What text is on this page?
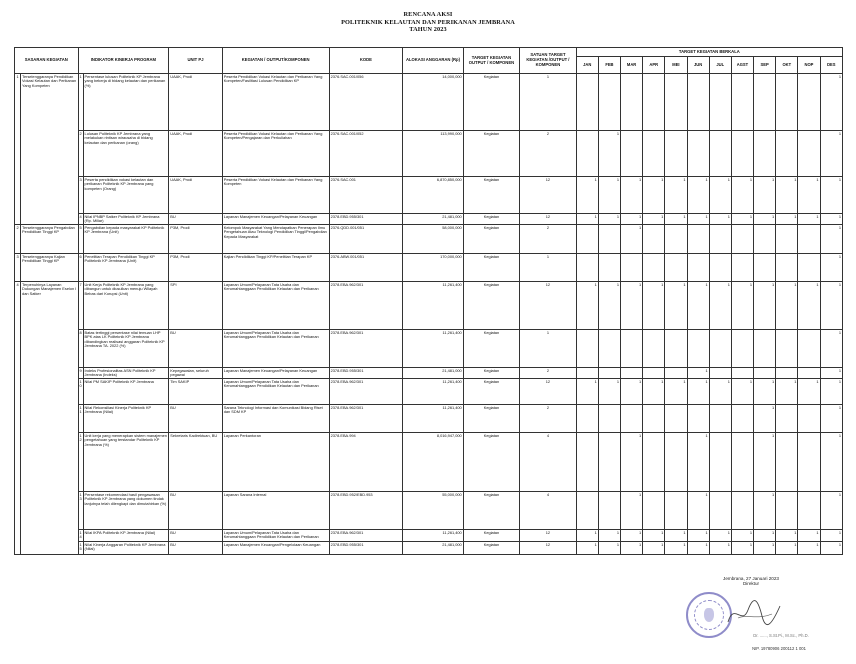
RENCANA AKSI
POLITEKNIK KELAUTAN DAN PERIKANAN JEMBRANA
TAHUN 2023
SASARAN KEGIATAN		INDIKATOR KINERJA PROGRAM		UNIT PJ	KEGIATAN / OUTPUT/KOMPONEN	KODE	ALOKASI ANGGARAN (Rp)	TARGET KEGIATAN OUTPUT / KOMPONEN	SATUAN TARGET KEGIATAN /OUTPUT / KOMPONEN	TARGET KEGIATAN BERKALA											
										JAN	FEB	MAR	APR	MEI	JUN	JUL	AGST	SEP	OKT	NOP	DES
1	Terselenggaranya Pendidikan Vokasi Kelautan dan Perikanan Yang Kompeten	1	Persentase lulusan Politeknik KP Jembrana yang bekerja di bidang kelautan dan perikanan (%)	UAAK, Prodi	Peserta Pendidikan Vokasi Kelautan dan Perikanan Yang Kompeten/Fasilitasi Lulusan Pendidikan KP	2376.SAC.001/056	14,000,000	Kegiatan	1												1
		2	Lulusan Politeknik KP Jembrana yang melakukan rintisan wirausaha di bidang kelautan dan perikanan (orang)	UAAK, Prodi	Peserta Pendidikan Vokasi Kelautan dan Perikanan Yang Kompeten/Pengajaran dan Perkuliahan	2376.SAC.001/052	113,990,000	Kegiatan	2		1										1
		3	Peserta pendidikan vokasi kelautan dan perikanan Politeknik KP Jembrana yang kompeten (Orang)	UAAK, Prodi	Peserta Pendidikan Vokasi Kelautan dan Perikanan Yang Kompeten	2376.SAC.001	6,870,850,000	Kegiatan	12	1	1	1	1	1	1	1	1	1	1	1	1
		4	Nilai IPNBP Satker Politeknik KP Jembrana (Rp. Miliar)	BU	Layanan Manajemen Keuangan/Pelayanan Keuangan	2378.EBD.955/301	21,481,000	Kegiatan	12	1	1	1	1	1	1	1	1	1	1	1	1
2	Terselenggaranya Pengabdian Pendidikan Tinggi KP	5	Pengabdian kepada masyarakat KP Politeknik KP Jembrana (Unit)	P3M, Prodi	Kelompok Masyarakat Yang Mendapatkan Penerapan Ilmu Pengetahuan Atau Teknologi Pendidikan Tinggi/Pengabdian Kepada Masyarakat	2376.QDD.001/051	58,000,000	Kegiatan	2			1									1
3	Terselenggaranya Kajian Pendidikan Tinggi KP	6	Penelitian Terapan Pendidikan Tinggi KP Politeknik KP Jembrana (Unit)	P3M, Prodi	Kajian Pendidikan Tinggi KP/Penelitian Terapan KP	2376.ABW.001/051	170,000,000	Kegiatan	1												1
4	Terpenuhinya Layanan Dukungan Manajemen Eselon I dan Satker	7	Unit Kerja Politeknik KP Jembrana yang dibangun untuk diusulkan menuju Wilayah Bebas dari Korupsi (Unit)	SPI	Layanan Umum/Pelayanan Tata Usaha dan Kerumahtanggaan Pendidikan Kelautan dan Perikanan	2378.EBA.962/301	11,261,400	Kegiatan	12	1	1	1	1	1	1	1	1	1	1	1	1
		8	Batas tertinggi persentase nilai temuan LHP BPK atas LK Politeknik KP Jembrana dibandingkan realisasi anggaran Politeknik KP Jembrana TA. 2022 (%)	BU	Layanan Umum/Pelayanan Tata Usaha dan Kerumahtanggaan Pendidikan Kelautan dan Perikanan	2378.EBA.962/301	11,261,400	Kegiatan	1												1
		9	Indeks Profesionalitas ASN Politeknik KP Jembrana (Indeks)	Kepegawaian, seluruh pegawai	Layanan Manajemen Keuangan/Pelayanan Keuangan	2378.EBD.955/301	21,481,000	Kegiatan	2						1						1
		10	Nilai PM SAKIP Politeknik KP Jembrana	Tim SAKIP	Layanan Umum/Pelayanan Tata Usaha dan Kerumahtanggaan Pendidikan Kelautan dan Perikanan	2378.EBA.962/301	11,261,400	Kegiatan	12	1	1	1	1	1	1	1	1	1	1	1	1
		11	Nilai Rekonsiliasi Kinerja Politeknik KP Jembrana (Nilai)	BU	Sarana Teknologi Informasi dan Komunikasi Bidang Riset dan SDM KP	2378.EBA.962/301	11,261,400	Kegiatan	2									1			1
		12	Unit kerja yang menerapkan sistem manajemen pengetahuan yang terstandar Politeknik KP Jembrana (%)	Sekretaris Kadirektuan, BU	Layanan Perkantoran	2378.EBA.994	8,016,947,000	Kegiatan	4			1			1			1			1
		13	Persentase rekomendasi hasil pengawasan Politeknik KP Jembrana yang dokumen tindak lanjutnya telah dilengkapi dan dimutahirkan (%)	BU	Layanan Sarana Internal	2378.EBD.952/EBD.953	55,000,000	Kegiatan	4			1			1			1			1
		14	Nilai IKPA Politeknik KP Jembrana (Nilai)	BU	Layanan Umum/Pelayanan Tata Usaha dan Kerumahtanggaan Pendidikan Kelautan dan Perikanan	2378.EBA.962/301	11,261,400	Kegiatan	12	1	1	1	1	1	1	1	1	1	1	1	1
		15	Nilai Kinerja Anggaran Politeknik KP Jembrana (Nilai)	BU	Layanan Manajemen Keuangan/Pengelolaan Keuangan	2378.EBD.955/301	21,481,000	Kegiatan	12	1	1	1	1	1	1	1	1	1	1	1	1
Jembrana, 27 Januari 2023
Direktur
Dr. ......, S.St.Pi., M.Sc., Ph.D.
NIP. 19780906 200112 1 001
